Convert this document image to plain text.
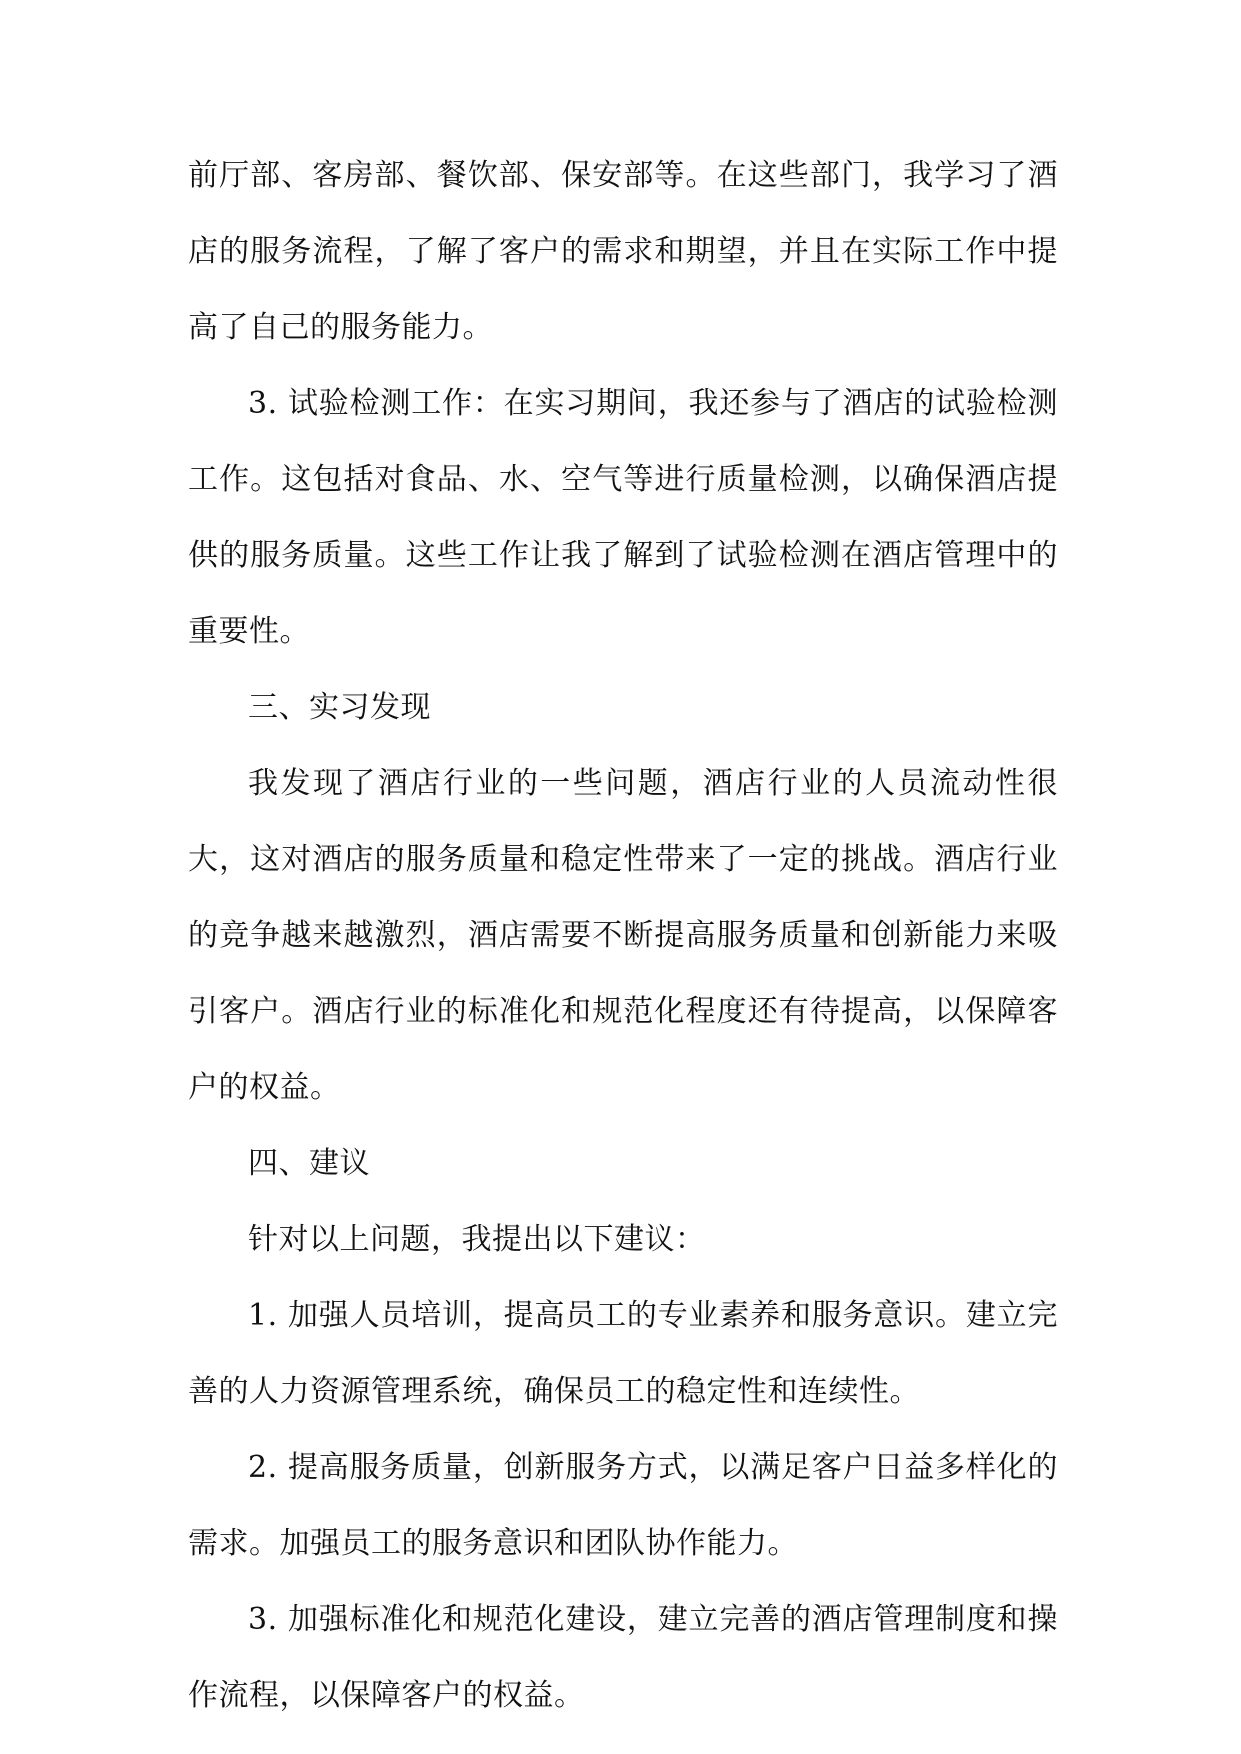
前厅部、客房部、餐饮部、保安部等。在这些部门，我学习了酒店的服务流程，了解了客户的需求和期望，并且在实际工作中提高了自己的服务能力。

3. 试验检测工作：在实习期间，我还参与了酒店的试验检测工作。这包括对食品、水、空气等进行质量检测，以确保酒店提供的服务质量。这些工作让我了解到了试验检测在酒店管理中的重要性。

三、实习发现

我发现了酒店行业的一些问题，酒店行业的人员流动性很大，这对酒店的服务质量和稳定性带来了一定的挑战。酒店行业的竞争越来越激烈，酒店需要不断提高服务质量和创新能力来吸引客户。酒店行业的标准化和规范化程度还有待提高，以保障客户的权益。

四、建议

针对以上问题，我提出以下建议：

1. 加强人员培训，提高员工的专业素养和服务意识。建立完善的人力资源管理系统，确保员工的稳定性和连续性。

2. 提高服务质量，创新服务方式，以满足客户日益多样化的需求。加强员工的服务意识和团队协作能力。

3. 加强标准化和规范化建设，建立完善的酒店管理制度和操作流程，以保障客户的权益。
